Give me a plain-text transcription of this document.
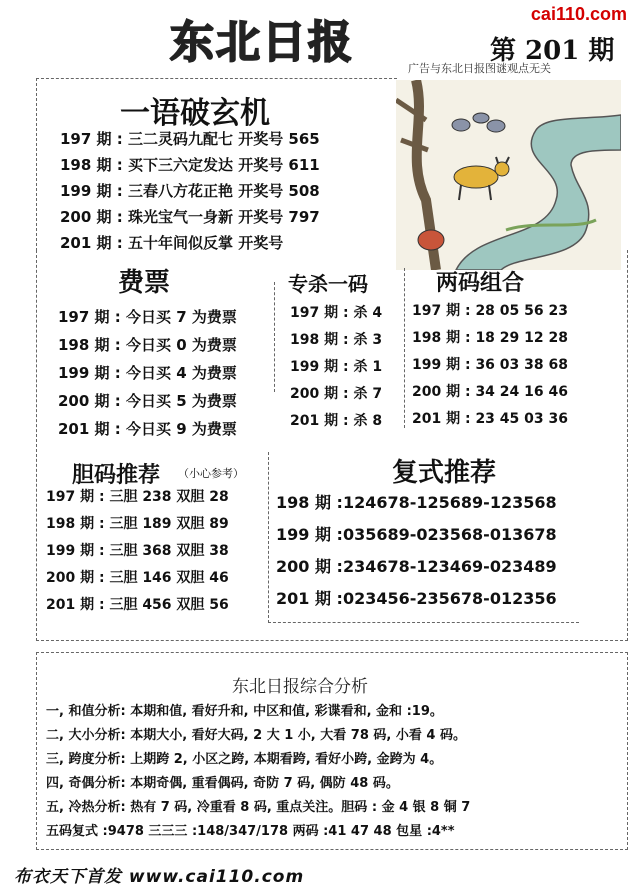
东北日报
cai110.com
第 201 期
广告与东北日报图谜观点无关
一语破玄机
197 期 : 三二灵码九配七 开奖号 565
198 期 : 买下三六定发达 开奖号 611
199 期 : 三春八方花正艳 开奖号 508
200 期 : 珠光宝气一身新 开奖号 797
201 期 : 五十年间似反掌 开奖号
费票
197 期 : 今日买 7 为费票
198 期 : 今日买 0 为费票
199 期 : 今日买 4 为费票
200 期 : 今日买 5 为费票
201 期 : 今日买 9 为费票
专杀一码
197 期 : 杀 4
198 期 : 杀 3
199 期 : 杀 1
200 期 : 杀 7
201 期 : 杀 8
两码组合
197 期 : 28 05 56 23
198 期 : 18 29 12 28
199 期 : 36 03 38 68
200 期 : 34 24 16 46
201 期 : 23 45 03 36
胆码推荐 （小心参考）
197 期 : 三胆 238 双胆 28
198 期 : 三胆 189 双胆 89
199 期 : 三胆 368 双胆 38
200 期 : 三胆 146 双胆 46
201 期 : 三胆 456 双胆 56
复式推荐
198 期 :124678-125689-123568
199 期 :035689-023568-013678
200 期 :234678-123469-023489
201 期 :023456-235678-012356
东北日报综合分析
一, 和值分析: 本期和值, 看好升和, 中区和值, 彩谍看和, 金和 :19。
二, 大小分析: 本期大小, 看好大码, 2 大 1 小, 大看 78 码, 小看 4 码。
三, 跨度分析: 上期跨 2, 小区之跨, 本期看跨, 看好小跨, 金跨为 4。
四, 奇偶分析: 本期奇偶, 重看偶码, 奇防 7 码, 偶防 48 码。
五, 冷热分析: 热有 7 码, 冷重看 8 码, 重点关注。胆码 : 金 4 银 8 铜 7
五码复式 :9478 三三三 :148/347/178 两码 :41 47 48 包星 :4**
布衣天下首发 www.cai110.com
